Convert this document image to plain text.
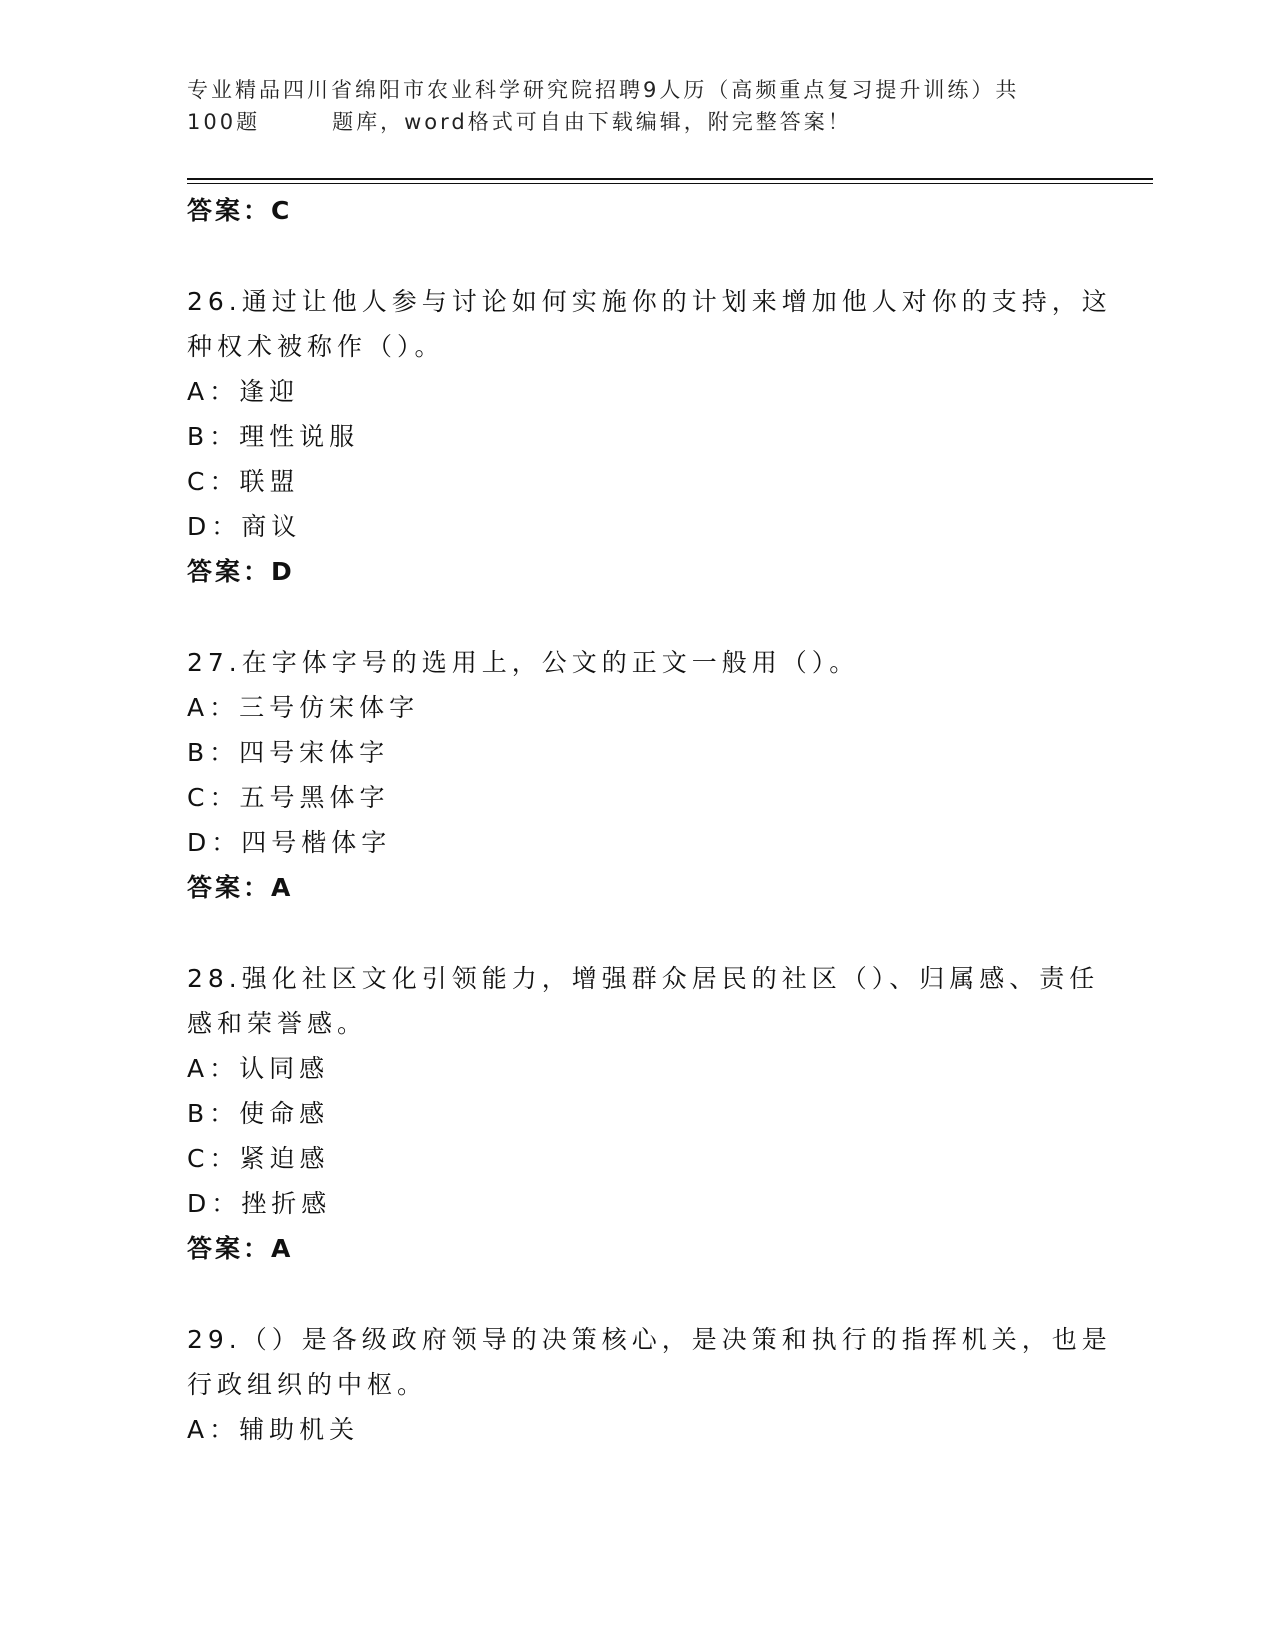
专业精品四川省绵阳市农业科学研究院招聘9人历（高频重点复习提升训练）共
100题	题库，word格式可自由下载编辑，附完整答案！
答案：C
26.通过让他人参与讨论如何实施你的计划来增加他人对你的支持，这
种权术被称作（）。
A：逢迎
B：理性说服
C：联盟
D：商议
答案：D
27.在字体字号的选用上，公文的正文一般用（）。
A：三号仿宋体字
B：四号宋体字
C：五号黑体字
D：四号楷体字
答案：A
28.强化社区文化引领能力，增强群众居民的社区（）、归属感、责任
感和荣誉感。
A：认同感
B：使命感
C：紧迫感
D：挫折感
答案：A
29.（）是各级政府领导的决策核心，是决策和执行的指挥机关，也是
行政组织的中枢。
A：辅助机关
